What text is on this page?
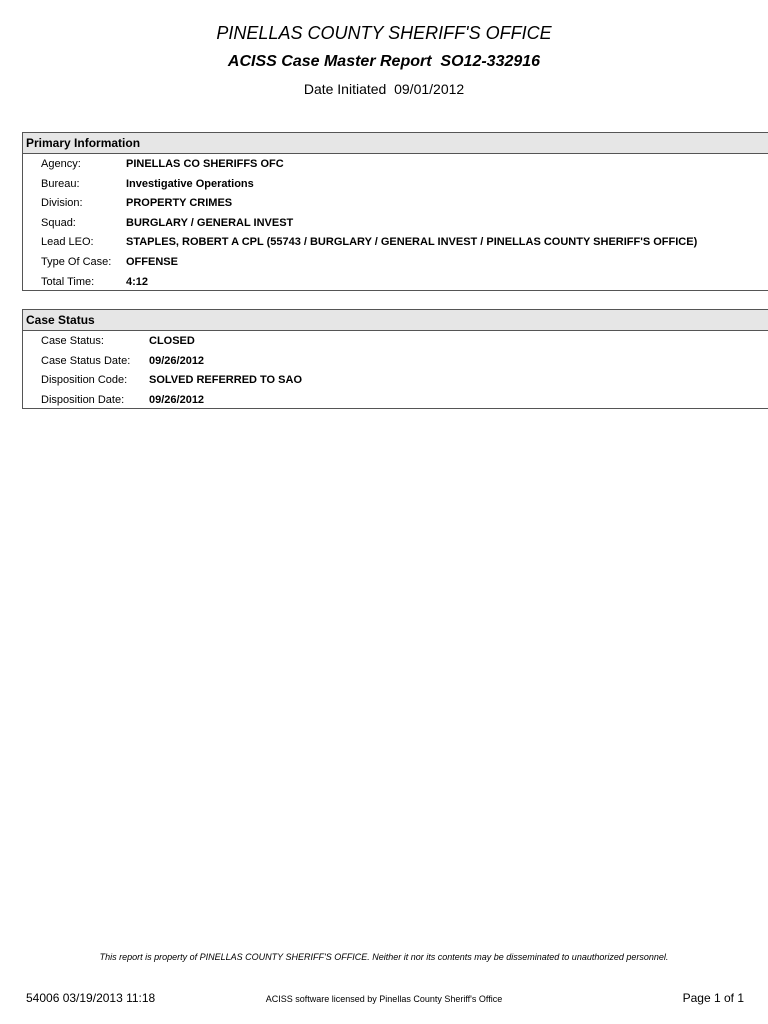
PINELLAS COUNTY SHERIFF'S OFFICE
ACISS Case Master Report  SO12-332916
Date Initiated  09/01/2012
Primary Information
Agency:	PINELLAS CO SHERIFFS OFC
Bureau:	Investigative Operations
Division:	PROPERTY CRIMES
Squad:	BURGLARY / GENERAL INVEST
Lead LEO:	STAPLES, ROBERT A CPL (55743 / BURGLARY / GENERAL INVEST / PINELLAS COUNTY SHERIFF'S OFFICE)
Type Of Case:	OFFENSE
Total Time:	4:12
Case Status
Case Status:	CLOSED
Case Status Date:	09/26/2012
Disposition Code:	SOLVED REFERRED TO SAO
Disposition Date:	09/26/2012
This report is property of PINELLAS COUNTY SHERIFF'S OFFICE. Neither it nor its contents may be disseminated to unauthorized personnel.
54006 03/19/2013 11:18	ACISS software licensed by Pinellas County Sheriff's Office	Page 1 of 1
